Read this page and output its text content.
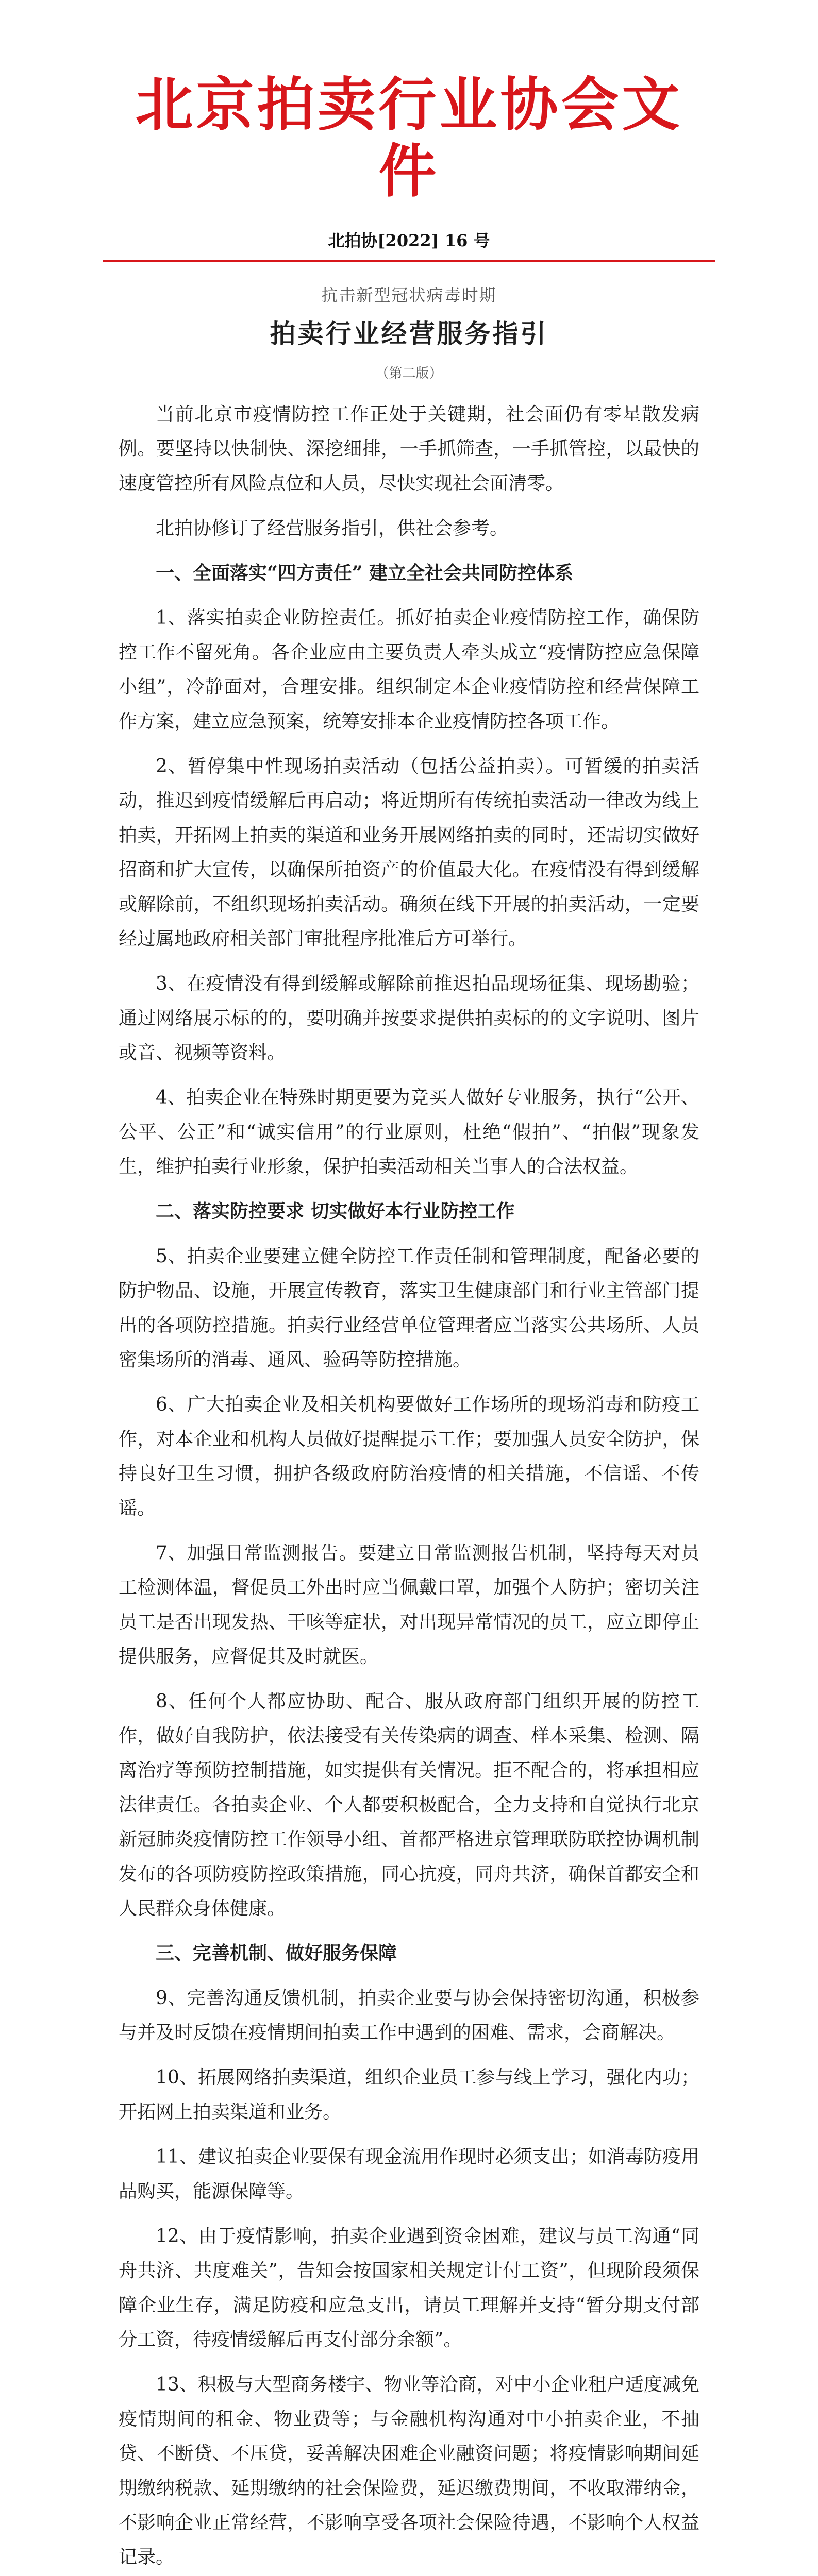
北京拍卖行业协会文件
北拍协[2022] 16 号
抗击新型冠状病毒时期
拍卖行业经营服务指引
（第二版）

当前北京市疫情防控工作正处于关键期，社会面仍有零星散发病例。要坚持以快制快、深挖细排，一手抓筛查，一手抓管控，以最快的速度管控所有风险点位和人员，尽快实现社会面清零。

北拍协修订了经营服务指引，供社会参考。

一、全面落实“四方责任” 建立全社会共同防控体系

1、落实拍卖企业防控责任。抓好拍卖企业疫情防控工作，确保防控工作不留死角。各企业应由主要负责人牵头成立“疫情防控应急保障小组”，冷静面对，合理安排。组织制定本企业疫情防控和经营保障工作方案，建立应急预案，统筹安排本企业疫情防控各项工作。

2、暂停集中性现场拍卖活动（包括公益拍卖）。可暂缓的拍卖活动，推迟到疫情缓解后再启动；将近期所有传统拍卖活动一律改为线上拍卖，开拓网上拍卖的渠道和业务开展网络拍卖的同时，还需切实做好招商和扩大宣传，以确保所拍资产的价值最大化。在疫情没有得到缓解或解除前，不组织现场拍卖活动。确须在线下开展的拍卖活动，一定要经过属地政府相关部门审批程序批准后方可举行。

3、在疫情没有得到缓解或解除前推迟拍品现场征集、现场勘验；通过网络展示标的的，要明确并按要求提供拍卖标的的文字说明、图片或音、视频等资料。

4、拍卖企业在特殊时期更要为竞买人做好专业服务，执行“公开、公平、公正”和“诚实信用”的行业原则，杜绝“假拍”、“拍假”现象发生，维护拍卖行业形象，保护拍卖活动相关当事人的合法权益。

二、落实防控要求 切实做好本行业防控工作

5、拍卖企业要建立健全防控工作责任制和管理制度，配备必要的防护物品、设施，开展宣传教育，落实卫生健康部门和行业主管部门提出的各项防控措施。拍卖行业经营单位管理者应当落实公共场所、人员密集场所的消毒、通风、验码等防控措施。

6、广大拍卖企业及相关机构要做好工作场所的现场消毒和防疫工作，对本企业和机构人员做好提醒提示工作；要加强人员安全防护，保持良好卫生习惯，拥护各级政府防治疫情的相关措施，不信谣、不传谣。

7、加强日常监测报告。要建立日常监测报告机制，坚持每天对员工检测体温，督促员工外出时应当佩戴口罩，加强个人防护；密切关注员工是否出现发热、干咳等症状，对出现异常情况的员工，应立即停止提供服务，应督促其及时就医。

8、任何个人都应协助、配合、服从政府部门组织开展的防控工作，做好自我防护，依法接受有关传染病的调查、样本采集、检测、隔离治疗等预防控制措施，如实提供有关情况。拒不配合的，将承担相应法律责任。各拍卖企业、个人都要积极配合，全力支持和自觉执行北京新冠肺炎疫情防控工作领导小组、首都严格进京管理联防联控协调机制发布的各项防疫防控政策措施，同心抗疫，同舟共济，确保首都安全和人民群众身体健康。

三、完善机制、做好服务保障

9、完善沟通反馈机制，拍卖企业要与协会保持密切沟通，积极参与并及时反馈在疫情期间拍卖工作中遇到的困难、需求，会商解决。

10、拓展网络拍卖渠道，组织企业员工参与线上学习，强化内功；开拓网上拍卖渠道和业务。

11、建议拍卖企业要保有现金流用作现时必须支出；如消毒防疫用品购买，能源保障等。

12、由于疫情影响，拍卖企业遇到资金困难，建议与员工沟通“同舟共济、共度难关”，告知会按国家相关规定计付工资”，但现阶段须保障企业生存，满足防疫和应急支出，请员工理解并支持“暂分期支付部分工资，待疫情缓解后再支付部分余额”。

13、积极与大型商务楼宇、物业等洽商，对中小企业租户适度减免疫情期间的租金、物业费等；与金融机构沟通对中小拍卖企业，不抽贷、不断贷、不压贷，妥善解决困难企业融资问题；将疫情影响期间延期缴纳税款、延期缴纳的社会保险费，延迟缴费期间，不收取滞纳金，不影响企业正常经营，不影响享受各项社会保险待遇，不影响个人权益记录。
